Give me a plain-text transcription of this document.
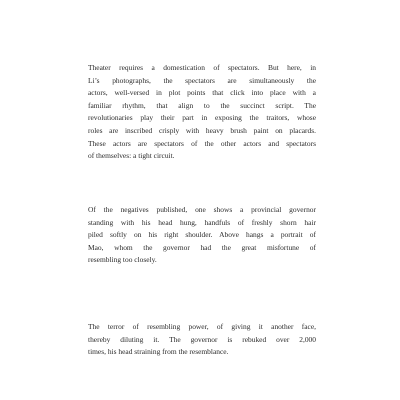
Theater requires a domestication of spectators. But here, in
Li’s photographs, the spectators are simultaneously the
actors, well-versed in plot points that click into place with a
familiar rhythm, that align to the succinct script. The
revolutionaries play their part in exposing the traitors, whose
roles are inscribed crisply with heavy brush paint on placards.
These actors are spectators of the other actors and spectators
of themselves: a tight circuit.
Of the negatives published, one shows a provincial governor
standing with his head hung, handfuls of freshly shorn hair
piled softly on his right shoulder. Above hangs a portrait of
Mao, whom the governor had the great misfortune of
resembling too closely.
The terror of resembling power, of giving it another face,
thereby diluting it. The governor is rebuked over 2,000
times, his head straining from the resemblance.
